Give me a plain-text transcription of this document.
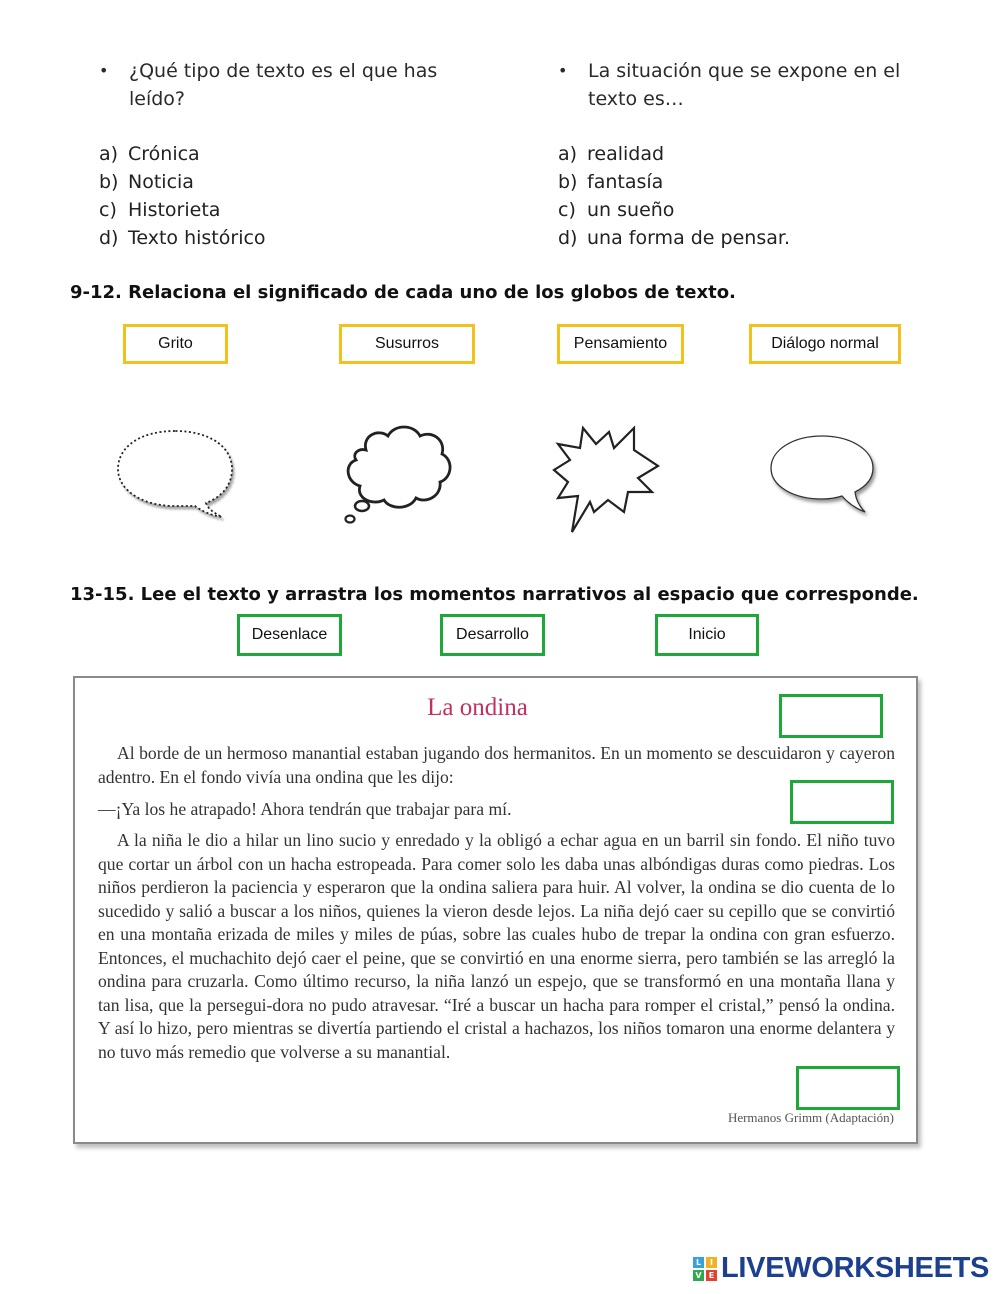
• ¿Qué tipo de texto es el que has
leído?
a) Crónica
b) Noticia
c) Historieta
d) Texto histórico
• La situación que se expone en el
texto es…
a) realidad
b) fantasía
c) un sueño
d) una forma de pensar.
9-12. Relaciona el significado de cada uno de los globos de texto.
Grito	Susurros	Pensamiento	Diálogo normal
13-15. Lee el texto y arrastra los momentos narrativos al espacio que corresponde.
Desenlace	Desarrollo	Inicio
La ondina

Al borde de un hermoso manantial estaban jugando dos hermanitos. En un momento se descuidaron y cayeron adentro. En el fondo vivía una ondina que les dijo:

—¡Ya los he atrapado! Ahora tendrán que trabajar para mí.

A la niña le dio a hilar un lino sucio y enredado y la obligó a echar agua en un barril sin fondo. El niño tuvo que cortar un árbol con un hacha estropeada. Para comer solo les daba unas albóndigas duras como piedras. Los niños perdieron la paciencia y esperaron que la ondina saliera para huir. Al volver, la ondina se dio cuenta de lo sucedido y salió a buscar a los niños, quienes la vieron desde lejos. La niña dejó caer su cepillo que se convirtió en una montaña erizada de miles y miles de púas, sobre las cuales hubo de trepar la ondina con gran esfuerzo. Entonces, el muchachito dejó caer el peine, que se convirtió en una enorme sierra, pero también se las arregló la ondina para cruzarla. Como último recurso, la niña lanzó un espejo, que se transformó en una montaña llana y tan lisa, que la persegui-dora no pudo atravesar. “Iré a buscar un hacha para romper el cristal,” pensó la ondina. Y así lo hizo, pero mientras se divertía partiendo el cristal a hachazos, los niños tomaron una enorme delantera y no tuvo más remedio que volverse a su manantial.

Hermanos Grimm (Adaptación)
L	I
V E LIVEWORKSHEETS
